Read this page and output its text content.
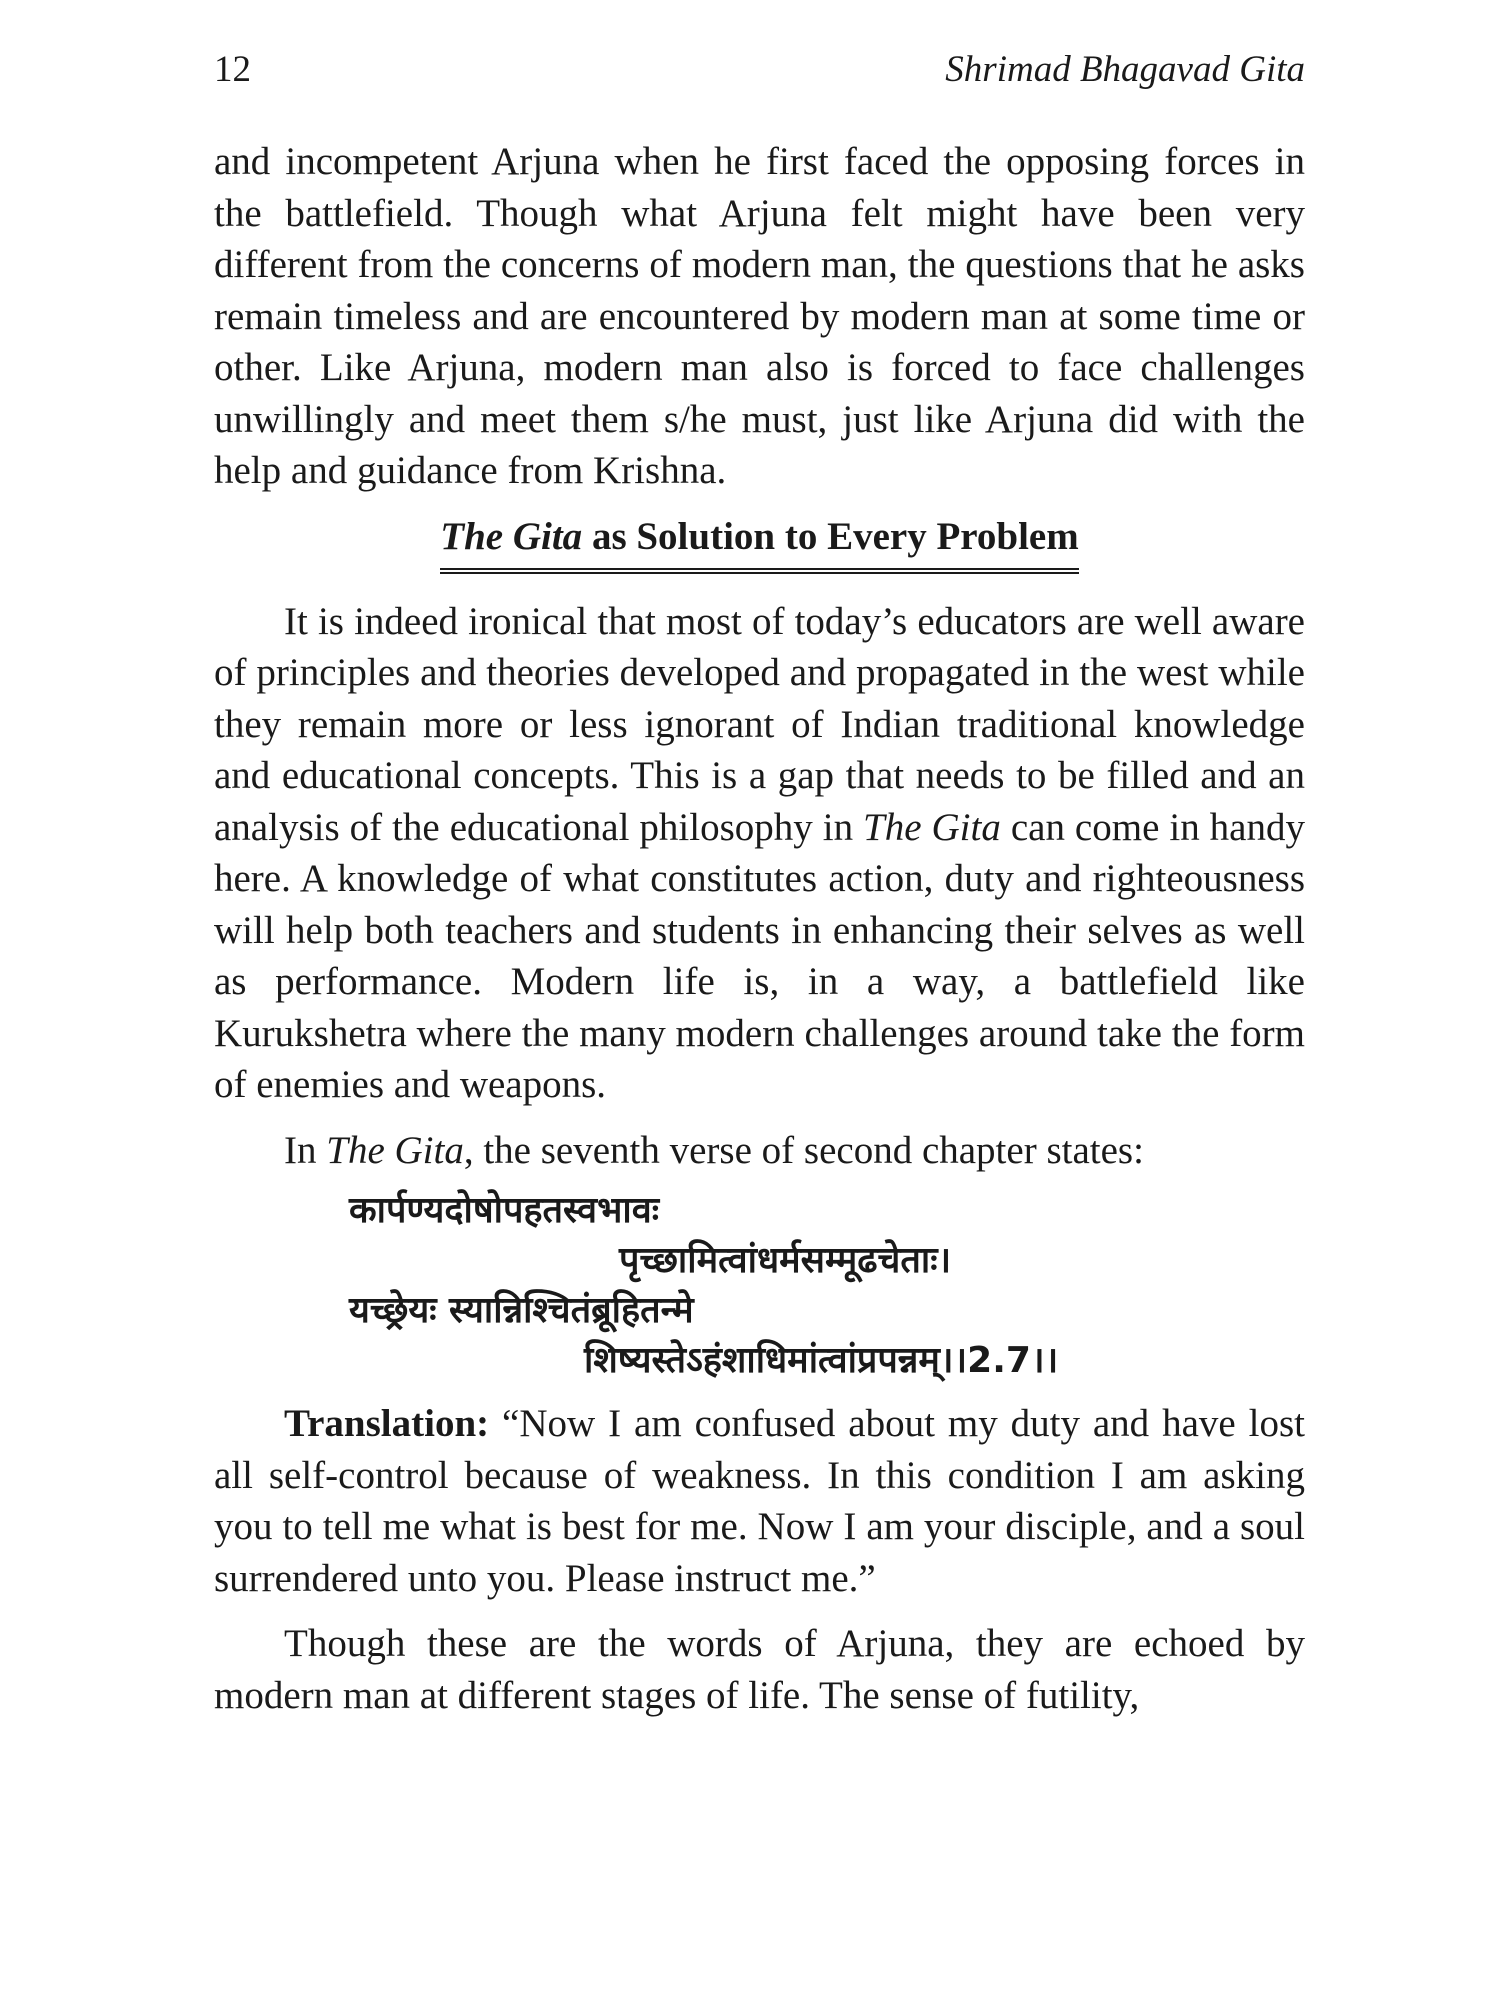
12	Shrimad Bhagavad Gita

and incompetent Arjuna when he first faced the opposing forces in the battlefield. Though what Arjuna felt might have been very different from the concerns of modern man, the questions that he asks remain timeless and are encountered by modern man at some time or other. Like Arjuna, modern man also is forced to face challenges unwillingly and meet them s/he must, just like Arjuna did with the help and guidance from Krishna.

The Gita as Solution to Every Problem

It is indeed ironical that most of today’s educators are well aware of principles and theories developed and propagated in the west while they remain more or less ignorant of Indian traditional knowledge and educational concepts. This is a gap that needs to be filled and an analysis of the educational philosophy in The Gita can come in handy here. A knowledge of what constitutes action, duty and righteousness will help both teachers and students in enhancing their selves as well as performance. Modern life is, in a way, a battlefield like Kurukshetra where the many modern challenges around take the form of enemies and weapons.

In The Gita, the seventh verse of second chapter states:

कार्पण्यदोषोपहतस्वभावः
पृच्छामित्वांधर्मसम्मूढचेताः।
यच्छ्रेयः स्यान्निश्चितंब्रूहितन्मे
शिष्यस्तेऽहंशाधिमांत्वांप्रपन्नम्।।2.7।।

Translation: “Now I am confused about my duty and have lost all self-control because of weakness. In this condition I am asking you to tell me what is best for me. Now I am your disciple, and a soul surrendered unto you. Please instruct me.”

Though these are the words of Arjuna, they are echoed by modern man at different stages of life. The sense of futility,
